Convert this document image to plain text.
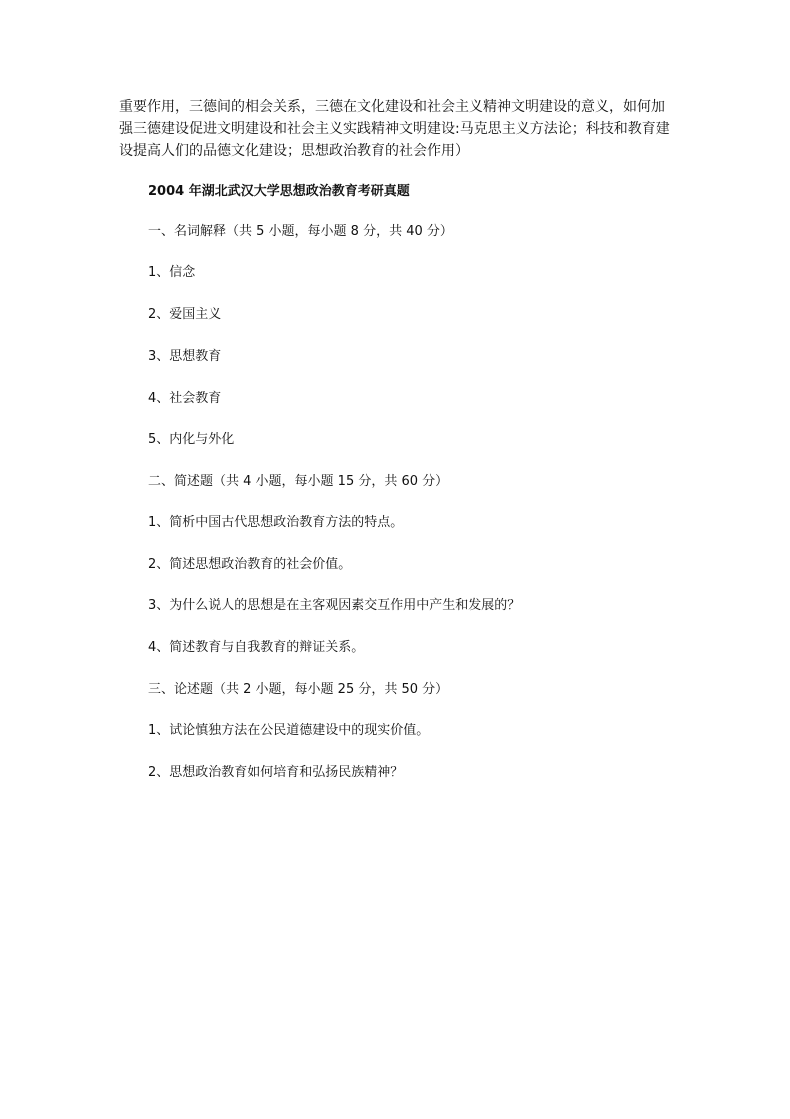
重要作用，三德间的相会关系，三德在文化建设和社会主义精神文明建设的意义，如何加
强三德建设促进文明建设和社会主义实践精神文明建设:马克思主义方法论；科技和教育建
设提高人们的品德文化建设；思想政治教育的社会作用）
2004 年湖北武汉大学思想政治教育考研真题
一、名词解释（共 5 小题，每小题 8 分，共 40 分）
1、信念
2、爱国主义
3、思想教育
4、社会教育
5、内化与外化
二、简述题（共 4 小题，每小题 15 分，共 60 分）
1、简析中国古代思想政治教育方法的特点。
2、简述思想政治教育的社会价值。
3、为什么说人的思想是在主客观因素交互作用中产生和发展的？
4、简述教育与自我教育的辩证关系。
三、论述题（共 2 小题，每小题 25 分，共 50 分）
1、试论慎独方法在公民道德建设中的现实价值。
2、思想政治教育如何培育和弘扬民族精神？
